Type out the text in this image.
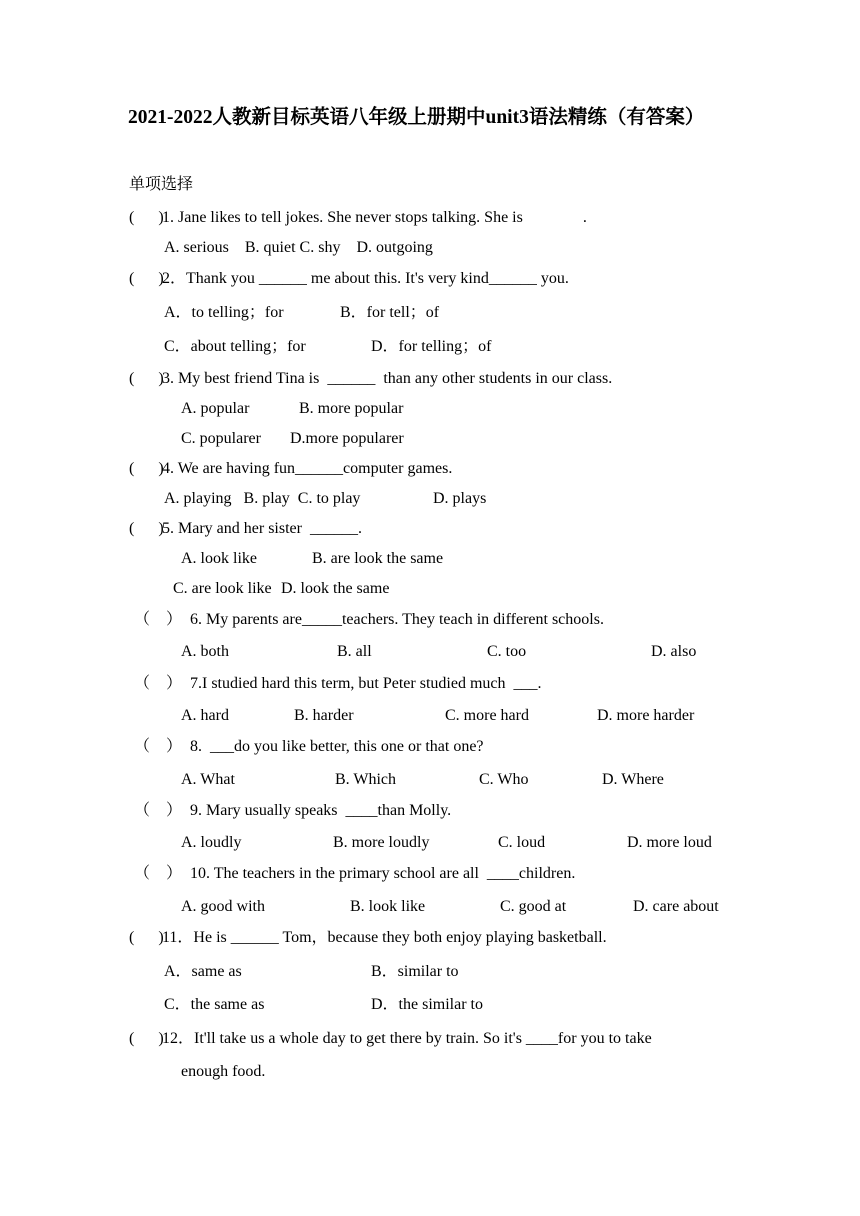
2021-2022人教新目标英语八年级上册期中unit3语法精练（有答案）
单项选择
(      )
1. Jane likes to tell jokes. She never stops talking. She is               .
A. serious    B. quiet C. shy    D. outgoing
(      )
2．Thank you ______ me about this. It's very kind______ you.
A．to telling；for	B．for tell；of
C．about telling；for	D．for telling；of
(      )
3. My best friend Tina is  ______  than any other students in our class.
A. popular	B. more popular
C. popularer D.more popularer
(      )
4. We are having fun______computer games.
A. playing   B. play  C. to play	D. plays
(      )
5. Mary and her sister  ______.
A. look like	B. are look the same
C. are look like D. look the same
（    ） 6. My parents are_____teachers. They teach in different schools.
A. both	B. all	C. too	D. also
（    ） 7.I studied hard this term, but Peter studied much  ___.
A. hard	B. harder	C. more hard	D. more harder
（    ） 8.  ___do you like better, this one or that one?
A. What	B. Which	C. Who	D. Where
（    ） 9. Mary usually speaks  ____than Molly.
A. loudly	B. more loudly	C. loud	D. more loud
（    ） 10. The teachers in the primary school are all  ____children.
A. good with	B. look like	C. good at	D. care about
(      )
11．He is ______ Tom，because they both enjoy playing basketball.
A．same as	B．similar to
C．the same as	D．the similar to
(      )
12．It'll take us a whole day to get there by train. So it's ____for you to take
enough food.
